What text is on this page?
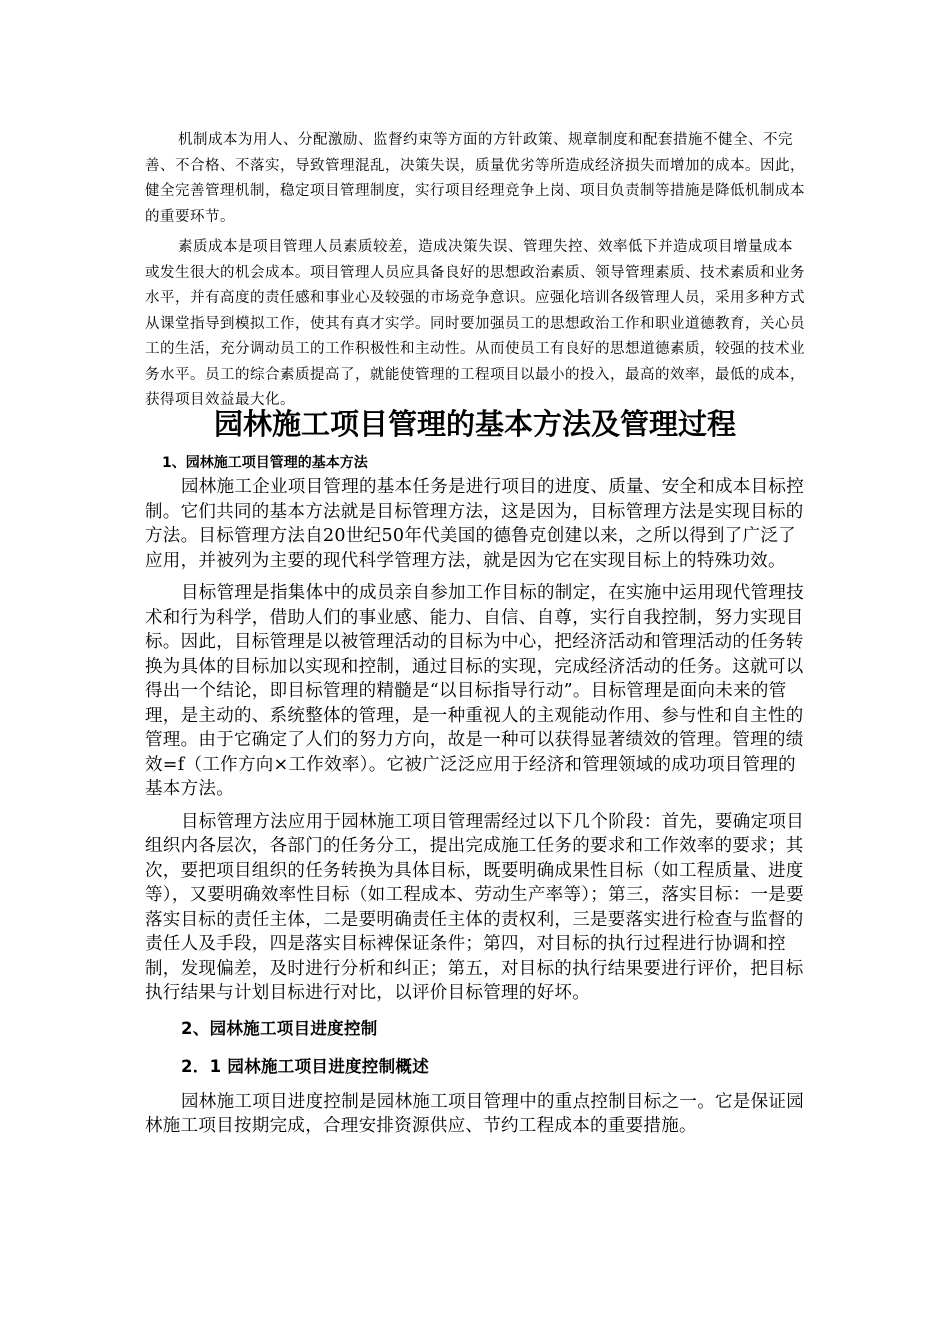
机制成本为用人、分配激励、监督约束等方面的方针政策、规章制度和配套措施不健全、不完善、不合格、不落实，导致管理混乱，决策失误，质量优劣等所造成经济损失而增加的成本。因此，健全完善管理机制，稳定项目管理制度，实行项目经理竞争上岗、项目负责制等措施是降低机制成本的重要环节。

素质成本是项目管理人员素质较差，造成决策失误、管理失控、效率低下并造成项目增量成本或发生很大的机会成本。项目管理人员应具备良好的思想政治素质、领导管理素质、技术素质和业务水平，并有高度的责任感和事业心及较强的市场竞争意识。应强化培训各级管理人员，采用多种方式从课堂指导到模拟工作，使其有真才实学。同时要加强员工的思想政治工作和职业道德教育，关心员工的生活，充分调动员工的工作积极性和主动性。从而使员工有良好的思想道德素质，较强的技术业务水平。员工的综合素质提高了，就能使管理的工程项目以最小的投入，最高的效率，最低的成本，获得项目效益最大化。

园林施工项目管理的基本方法及管理过程
1、园林施工项目管理的基本方法

园林施工企业项目管理的基本任务是进行项目的进度、质量、安全和成本目标控制。它们共同的基本方法就是目标管理方法，这是因为，目标管理方法是实现目标的方法。目标管理方法自20世纪50年代美国的德鲁克创建以来，之所以得到了广泛了应用，并被列为主要的现代科学管理方法，就是因为它在实现目标上的特殊功效。

目标管理是指集体中的成员亲自参加工作目标的制定，在实施中运用现代管理技术和行为科学，借助人们的事业感、能力、自信、自尊，实行自我控制，努力实现目标。因此，目标管理是以被管理活动的目标为中心，把经济活动和管理活动的任务转换为具体的目标加以实现和控制，通过目标的实现，完成经济活动的任务。这就可以得出一个结论，即目标管理的精髓是“以目标指导行动”。目标管理是面向未来的管理，是主动的、系统整体的管理，是一种重视人的主观能动作用、参与性和自主性的管理。由于它确定了人们的努力方向，故是一种可以获得显著绩效的管理。管理的绩效=f（工作方向×工作效率）。它被广泛泛应用于经济和管理领域的成功项目管理的基本方法。

目标管理方法应用于园林施工项目管理需经过以下几个阶段：首先，要确定项目组织内各层次，各部门的任务分工，提出完成施工任务的要求和工作效率的要求；其次，要把项目组织的任务转换为具体目标，既要明确成果性目标（如工程质量、进度等），又要明确效率性目标（如工程成本、劳动生产率等）；第三，落实目标：一是要落实目标的责任主体，二是要明确责任主体的责权利，三是要落实进行检查与监督的责任人及手段，四是落实目标裨保证条件；第四，对目标的执行过程进行协调和控制，发现偏差，及时进行分析和纠正；第五，对目标的执行结果要进行评价，把目标执行结果与计划目标进行对比，以评价目标管理的好坏。

2、园林施工项目进度控制
2．1 园林施工项目进度控制概述

园林施工项目进度控制是园林施工项目管理中的重点控制目标之一。它是保证园林施工项目按期完成，合理安排资源供应、节约工程成本的重要措施。
